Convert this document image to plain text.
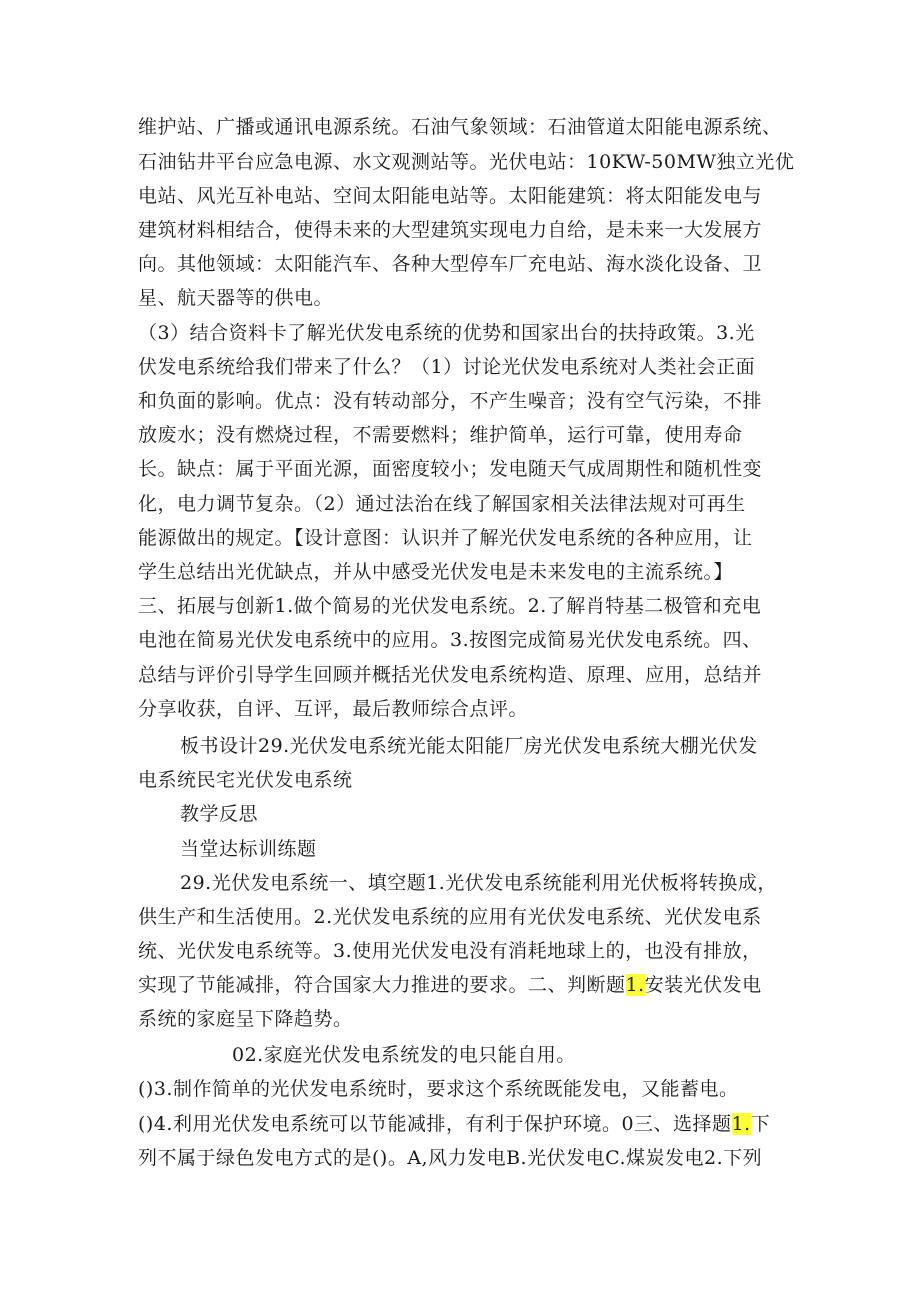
维护站、广播或通讯电源系统。石油气象领域：石油管道太阳能电源系统、
石油钻井平台应急电源、水文观测站等。光伏电站：10KW-50MW独立光优
电站、风光互补电站、空间太阳能电站等。太阳能建筑：将太阳能发电与
建筑材料相结合，使得未来的大型建筑实现电力自给，是未来一大发展方
向。其他领域：太阳能汽车、各种大型停车厂充电站、海水淡化设备、卫
星、航天器等的供电。
（3）结合资料卡了解光伏发电系统的优势和国家出台的扶持政策。3.光
伏发电系统给我们带来了什么？（1）讨论光伏发电系统对人类社会正面
和负面的影响。优点：没有转动部分，不产生噪音；没有空气污染，不排
放废水；没有燃烧过程，不需要燃料；维护简单，运行可靠，使用寿命
长。缺点：属于平面光源，面密度较小；发电随天气成周期性和随机性变
化，电力调节复杂。（2）通过法治在线了解国家相关法律法规对可再生
能源做出的规定。【设计意图：认识并了解光伏发电系统的各种应用，让
学生总结出光优缺点，并从中感受光伏发电是未来发电的主流系统。】
三、拓展与创新1.做个简易的光伏发电系统。2.了解肖特基二极管和充电
电池在简易光伏发电系统中的应用。3.按图完成简易光伏发电系统。四、
总结与评价引导学生回顾并概括光伏发电系统构造、原理、应用，总结并
分享收获，自评、互评，最后教师综合点评。
板书设计29.光伏发电系统光能太阳能厂房光伏发电系统大棚光伏发
电系统民宅光伏发电系统
教学反思
当堂达标训练题
29.光伏发电系统一、填空题1.光伏发电系统能利用光伏板将转换成，
供生产和生活使用。2.光伏发电系统的应用有光伏发电系统、光伏发电系
统、光伏发电系统等。3.使用光伏发电没有消耗地球上的，也没有排放，
实现了节能减排，符合国家大力推进的要求。二、判断题1.安装光伏发电
系统的家庭呈下降趋势。
02.家庭光伏发电系统发的电只能自用。
()3.制作简单的光伏发电系统时，要求这个系统既能发电，又能蓄电。
()4.利用光伏发电系统可以节能减排，有利于保护环境。0三、选择题1.下
列不属于绿色发电方式的是()。A,风力发电B.光伏发电C.煤炭发电2.下列
